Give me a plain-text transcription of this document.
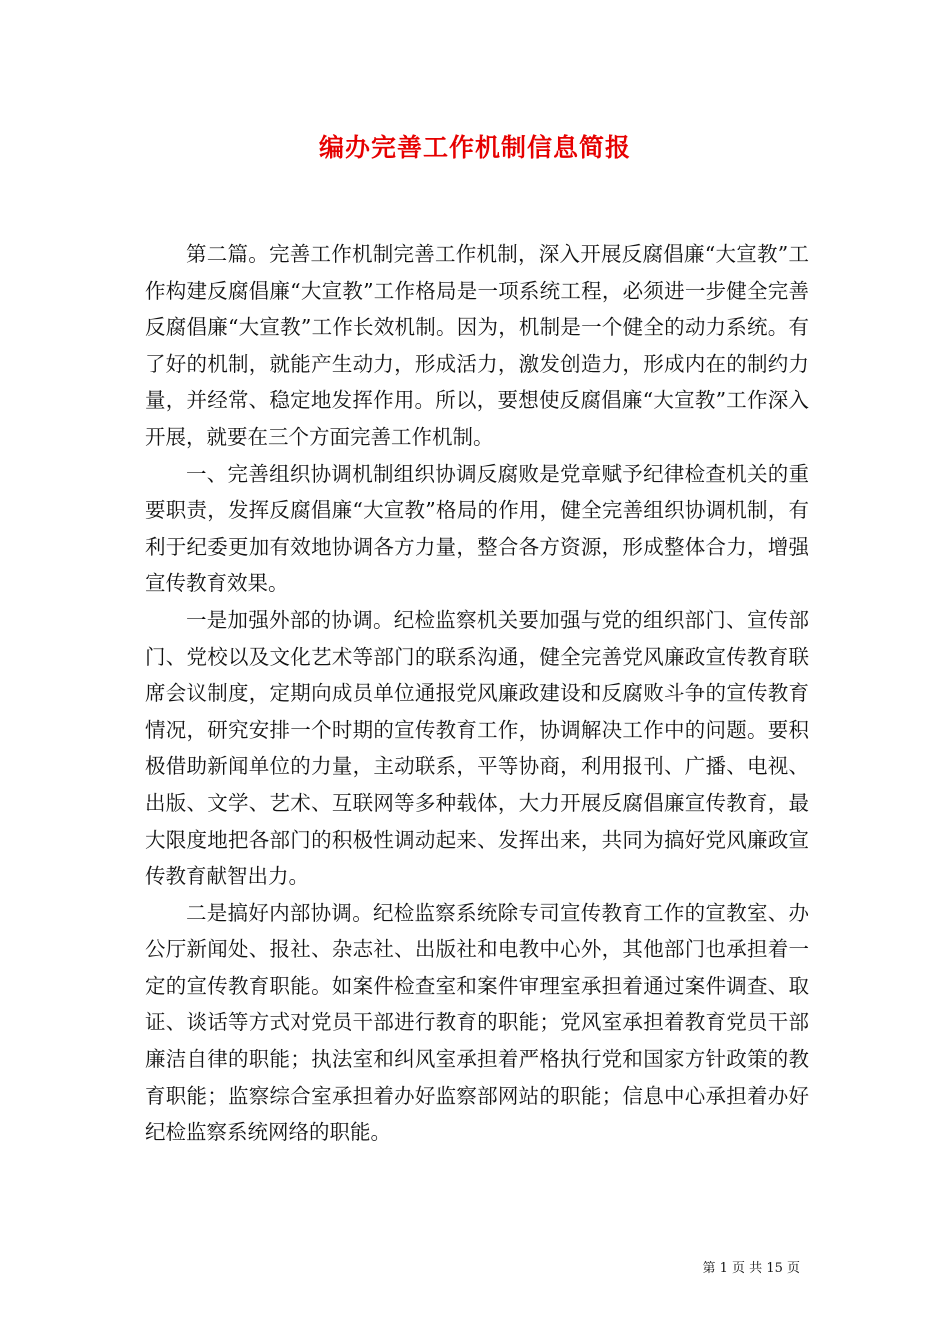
编办完善工作机制信息简报

第二篇。完善工作机制完善工作机制，深入开展反腐倡廉“大宣教”工作构建反腐倡廉“大宣教”工作格局是一项系统工程，必须进一步健全完善反腐倡廉“大宣教”工作长效机制。因为，机制是一个健全的动力系统。有了好的机制，就能产生动力，形成活力，激发创造力，形成内在的制约力量，并经常、稳定地发挥作用。所以，要想使反腐倡廉“大宣教”工作深入开展，就要在三个方面完善工作机制。

一、完善组织协调机制组织协调反腐败是党章赋予纪律检查机关的重要职责，发挥反腐倡廉“大宣教”格局的作用，健全完善组织协调机制，有利于纪委更加有效地协调各方力量，整合各方资源，形成整体合力，增强宣传教育效果。

一是加强外部的协调。纪检监察机关要加强与党的组织部门、宣传部门、党校以及文化艺术等部门的联系沟通，健全完善党风廉政宣传教育联席会议制度，定期向成员单位通报党风廉政建设和反腐败斗争的宣传教育情况，研究安排一个时期的宣传教育工作，协调解决工作中的问题。要积极借助新闻单位的力量，主动联系，平等协商，利用报刊、广播、电视、出版、文学、艺术、互联网等多种载体，大力开展反腐倡廉宣传教育，最大限度地把各部门的积极性调动起来、发挥出来，共同为搞好党风廉政宣传教育献智出力。

二是搞好内部协调。纪检监察系统除专司宣传教育工作的宣教室、办公厅新闻处、报社、杂志社、出版社和电教中心外，其他部门也承担着一定的宣传教育职能。如案件检查室和案件审理室承担着通过案件调查、取证、谈话等方式对党员干部进行教育的职能；党风室承担着教育党员干部廉洁自律的职能；执法室和纠风室承担着严格执行党和国家方针政策的教育职能；监察综合室承担着办好监察部网站的职能；信息中心承担着办好纪检监察系统网络的职能。

第 1 页 共 15 页
